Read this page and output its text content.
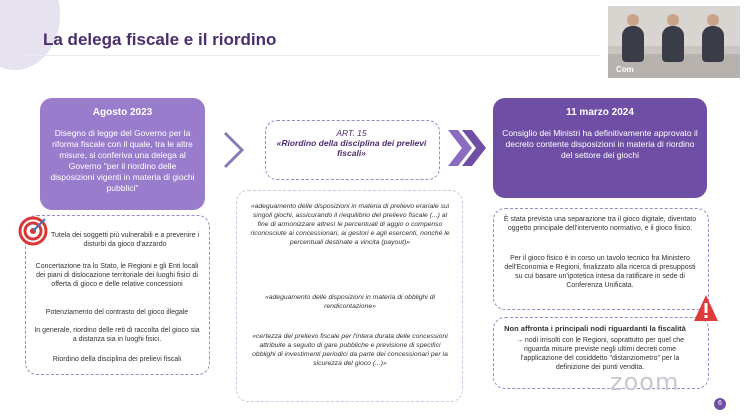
La delega fiscale e il riordino
Com
Agosto 2023
Disegno di legge del Governo per la riforma fiscale con il quale, tra le altre misure, si conferiva una delega al Governo "per il riordino delle disposizioni vigenti in materia di giochi pubblici"
Tutela dei soggetti più vulnerabili e a prevenire i disturbi da gioco d'azzardo
Concertazione tra lo Stato, le Regioni e gli Enti locali dei piani di dislocazione territoriale dei luoghi fisici di offerta di gioco e delle relative concessioni
Potenziamento del contrasto del gioco illegale
In generale, riordino delle reti di raccolta del gioco sia a distanza sia in luoghi fisici.
Riordino della disciplina dei prelievi fiscali
ART. 15
«Riordino della disciplina dei prelievi fiscali»
«adeguamento delle disposizioni in materia di prelievo erariale sui singoli giochi, assicurando il riequilibrio del prelievo fiscale (...) al fine di armonizzare altresì le percentuali di aggio o compenso riconosciute ai concessionari, ai gestori e agli esercenti, nonché le percentuali destinate a vincita (payout)»
«adeguamento delle disposizioni in materia di obblighi di rendicontazione»
«certezza del prelievo fiscale per l'intera durata delle concessioni attribuite a seguito di gare pubbliche e previsione di specifici obblighi di investimenti periodici da parte dei concessionari per la sicurezza del gioco (...)»
11 marzo 2024
Consiglio dei Ministri ha definitivamente approvato il decreto contente disposizioni in materia di riordino del settore dei giochi
È stata prevista una separazione tra il gioco digitale, diventato oggetto principale dell'intervento normativo, e il gioco fisico.
Per il gioco fisico è in corso un tavolo tecnico fra Ministero dell'Economia e Regioni, finalizzato alla ricerca di presupposti su cui basare un'ipotetica intesa da ratificare in sede di Conferenza Unificata.
Non affronta i principali nodi riguardanti la fiscalità
→ nodi irrisolti con le Regioni, soprattutto per quel che riguarda misure previste negli ultimi decreti come l'applicazione del cosiddetto "distanziometro" per la definizione dei punti vendita.
zoom
6
